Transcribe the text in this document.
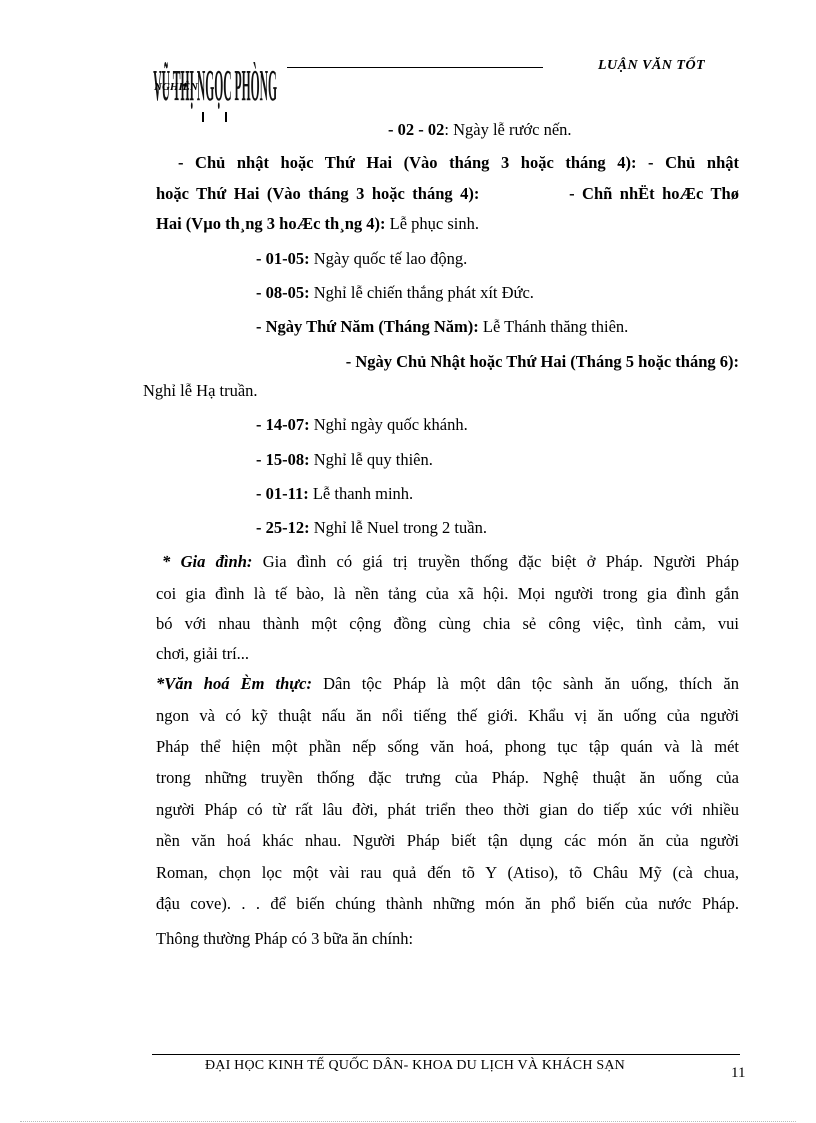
VŨ THỊ NGỌC PHÒNG
NGHIÊN
LUẬN VĂN TỐT
- 02 - 02: Ngày lễ rước nến.
- Chủ nhật hoặc Thứ Hai (Vào tháng 3 hoặc tháng 4): - Chủ nhật
hoặc Thứ Hai (Vào tháng 3 hoặc tháng 4):	- Chñ nhËt hoÆc Thø
Hai (Vµo th¸ng 3 hoÆc th¸ng 4): Lễ phục sinh.
- 01-05: Ngày quốc tế lao động.
- 08-05: Nghỉ lễ chiến thắng phát xít Đức.
- Ngày Thứ Năm (Tháng Năm): Lễ Thánh thăng thiên.
- Ngày Chủ Nhật hoặc Thứ Hai (Tháng 5 hoặc tháng 6):
Nghỉ lễ Hạ truần.
- 14-07: Nghỉ ngày quốc khánh.
- 15-08: Nghỉ lễ quy thiên.
- 01-11: Lễ thanh minh.
- 25-12: Nghỉ lễ Nuel trong 2 tuần.
* Gia đình: Gia đình có giá trị truyền thống đặc biệt ở Pháp. Người Pháp
coi gia đình là tế bào, là nền tảng của xã hội. Mọi người trong gia đình gắn
bó với nhau thành một cộng đồng cùng chia sẻ công việc, tình cảm, vui
chơi, giải trí...
*Văn hoá Èm thực: Dân tộc Pháp là một dân tộc sành ăn uống, thích ăn
ngon và có kỹ thuật nấu ăn nổi tiếng thế giới. Khẩu vị ăn uống của người
Pháp thể hiện một phần nếp sống văn hoá, phong tục tập quán và là mét
trong những truyền thống đặc trưng của Pháp. Nghệ thuật ăn uống của
người Pháp có từ rất lâu đời, phát triển theo thời gian do tiếp xúc với nhiều
nền văn hoá khác nhau. Người Pháp biết tận dụng các món ăn của người
Roman, chọn lọc một vài rau quả đến tõ Y (Atiso), tõ Châu Mỹ (cà chua,
đậu cove). . . để biến chúng thành những món ăn phổ biến của nước Pháp.
Thông thường Pháp có 3 bữa ăn chính:
ĐẠI HỌC KINH TẾ QUỐC DÂN- KHOA DU LỊCH VÀ KHÁCH SẠN	11
